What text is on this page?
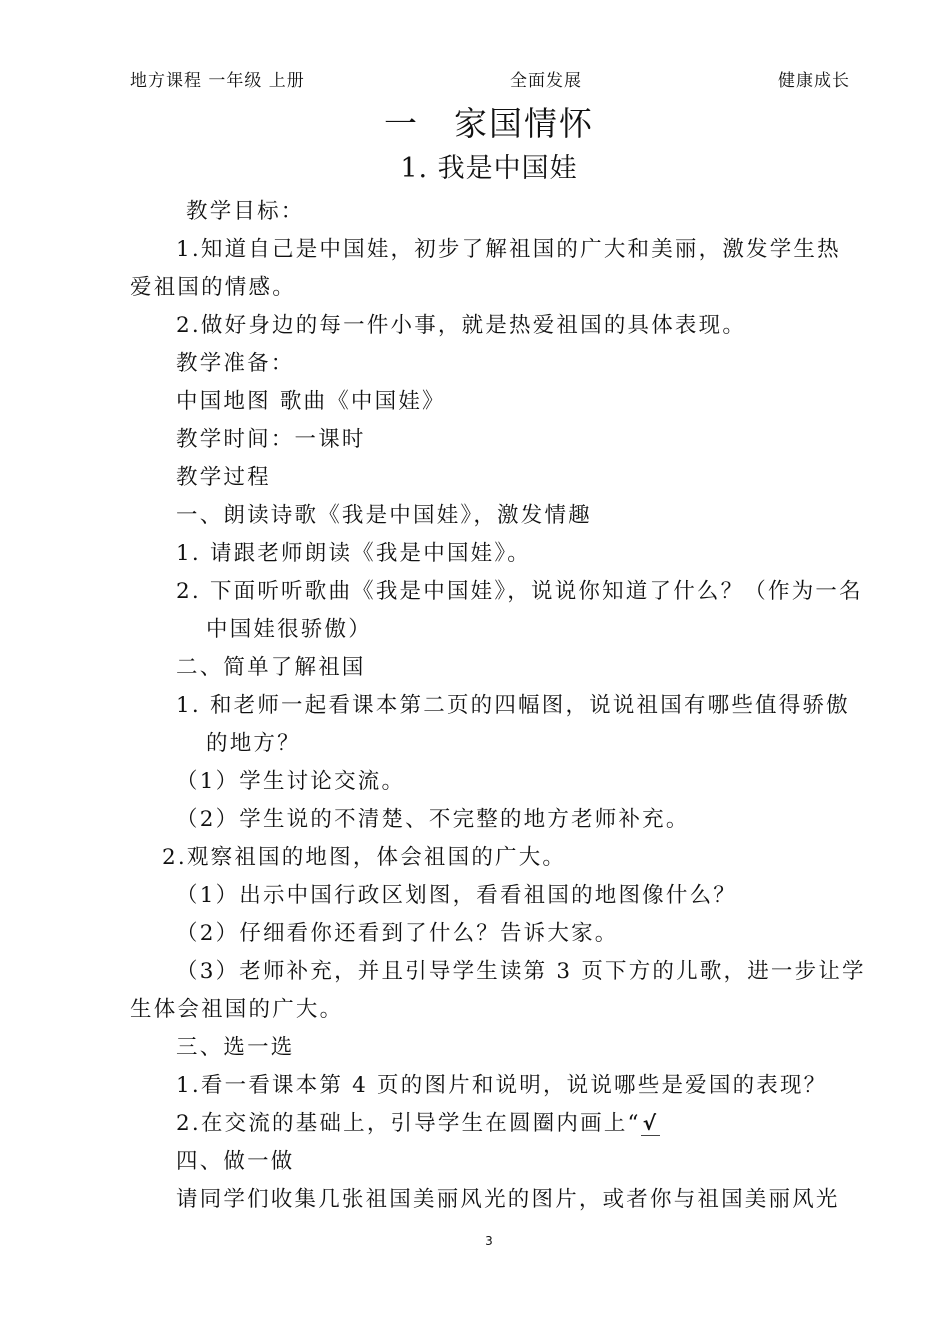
地方课程 一年级 上册	全面发展	健康成长
一　家国情怀
1. 我是中国娃
教学目标：
1.知道自己是中国娃，初步了解祖国的广大和美丽，激发学生热
爱祖国的情感。
2.做好身边的每一件小事，就是热爱祖国的具体表现。
教学准备：
中国地图 歌曲《中国娃》
教学时间：一课时
教学过程
一、朗读诗歌《我是中国娃》，激发情趣
1. 请跟老师朗读《我是中国娃》。
2. 下面听听歌曲《我是中国娃》，说说你知道了什么？（作为一名
中国娃很骄傲）
二、简单了解祖国
1. 和老师一起看课本第二页的四幅图，说说祖国有哪些值得骄傲
的地方？
（1）学生讨论交流。
（2）学生说的不清楚、不完整的地方老师补充。
2.观察祖国的地图，体会祖国的广大。
（1）出示中国行政区划图，看看祖国的地图像什么？
（2）仔细看你还看到了什么？告诉大家。
（3）老师补充，并且引导学生读第 3 页下方的儿歌，进一步让学
生体会祖国的广大。
三、选一选
1.看一看课本第 4 页的图片和说明，说说哪些是爱国的表现？
2.在交流的基础上，引导学生在圆圈内画上“ √
四、做一做
请同学们收集几张祖国美丽风光的图片，或者你与祖国美丽风光
3
